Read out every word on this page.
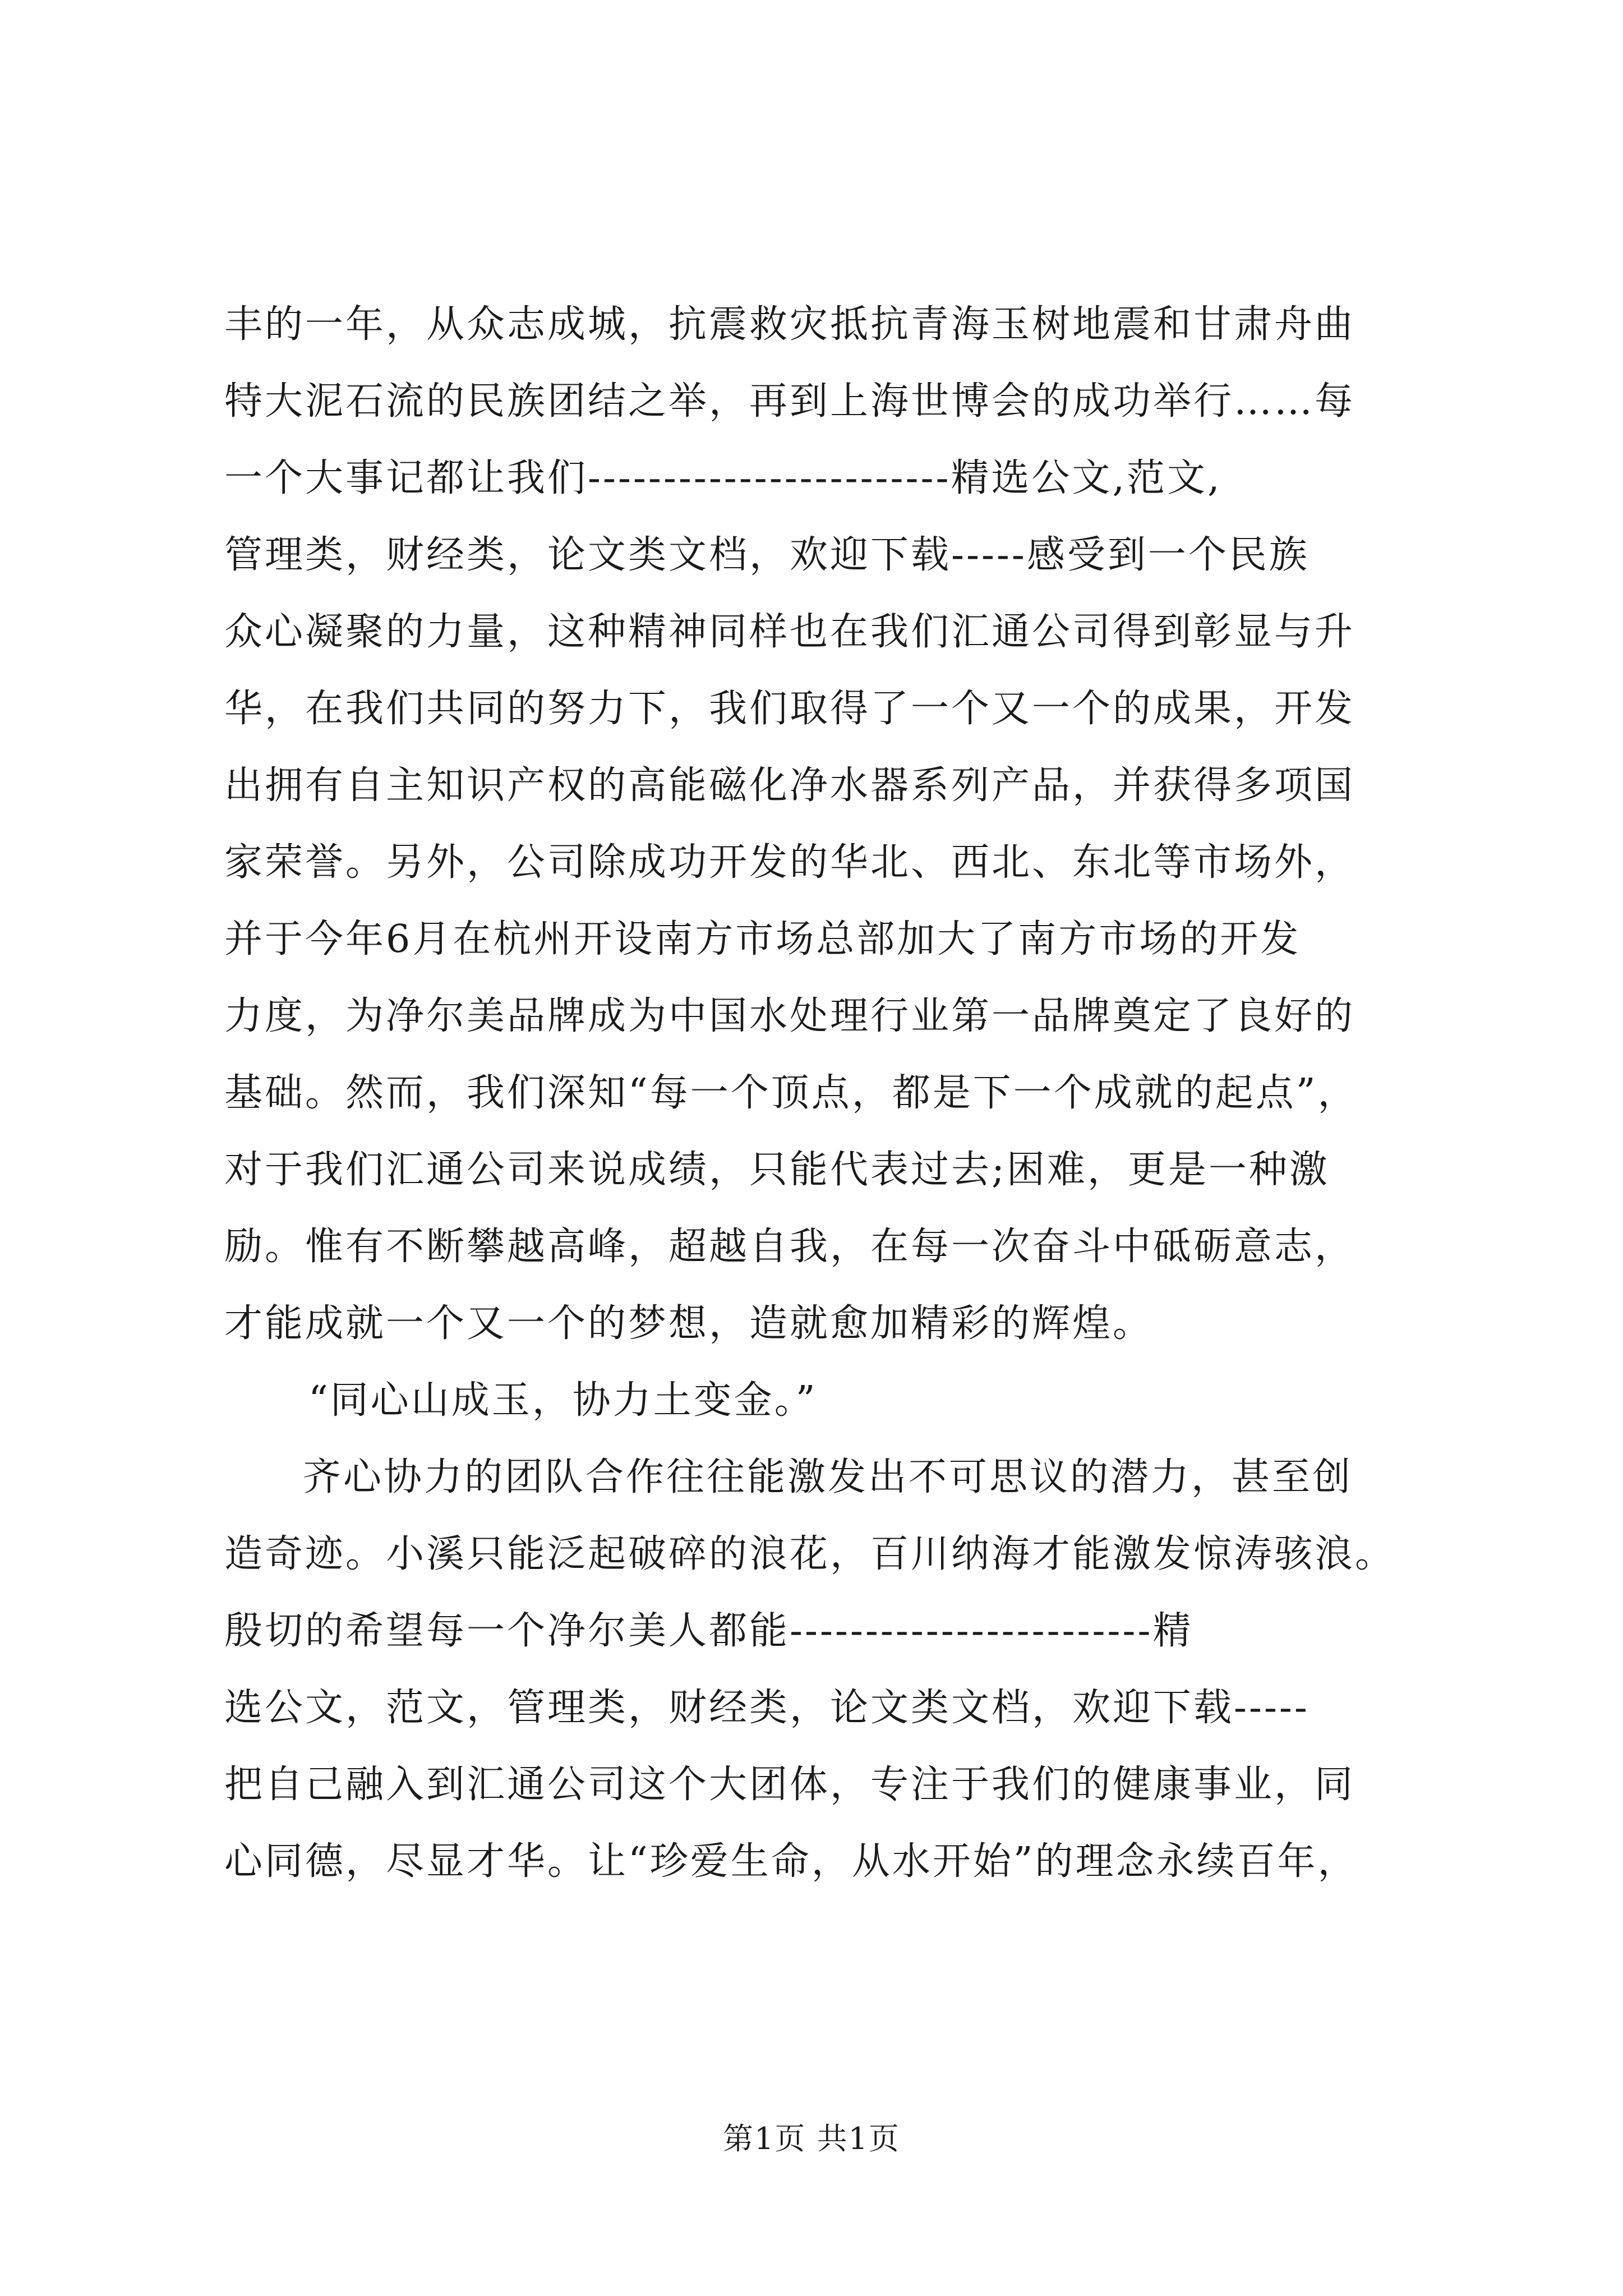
丰的一年，从众志成城，抗震救灾抵抗青海玉树地震和甘肃舟曲
特大泥石流的民族团结之举，再到上海世博会的成功举行……每
一个大事记都让我们------------------------精选公文,范文,
管理类，财经类，论文类文档，欢迎下载-----感受到一个民族
众心凝聚的力量，这种精神同样也在我们汇通公司得到彰显与升
华，在我们共同的努力下，我们取得了一个又一个的成果，开发
出拥有自主知识产权的高能磁化净水器系列产品，并获得多项国
家荣誉。另外，公司除成功开发的华北、西北、东北等市场外，
并于今年6月在杭州开设南方市场总部加大了南方市场的开发
力度，为净尔美品牌成为中国水处理行业第一品牌奠定了良好的
基础。然而，我们深知“每一个顶点，都是下一个成就的起点”，
对于我们汇通公司来说成绩，只能代表过去;困难，更是一种激
励。惟有不断攀越高峰，超越自我，在每一次奋斗中砥砺意志，
才能成就一个又一个的梦想，造就愈加精彩的辉煌。
“同心山成玉，协力土变金。”
齐心协力的团队合作往往能激发出不可思议的潜力，甚至创
造奇迹。小溪只能泛起破碎的浪花，百川纳海才能激发惊涛骇浪。
殷切的希望每一个净尔美人都能------------------------精
选公文，范文，管理类，财经类，论文类文档，欢迎下载-----
把自己融入到汇通公司这个大团体，专注于我们的健康事业，同
心同德，尽显才华。让“珍爱生命，从水开始”的理念永续百年，
第1页 共1页
